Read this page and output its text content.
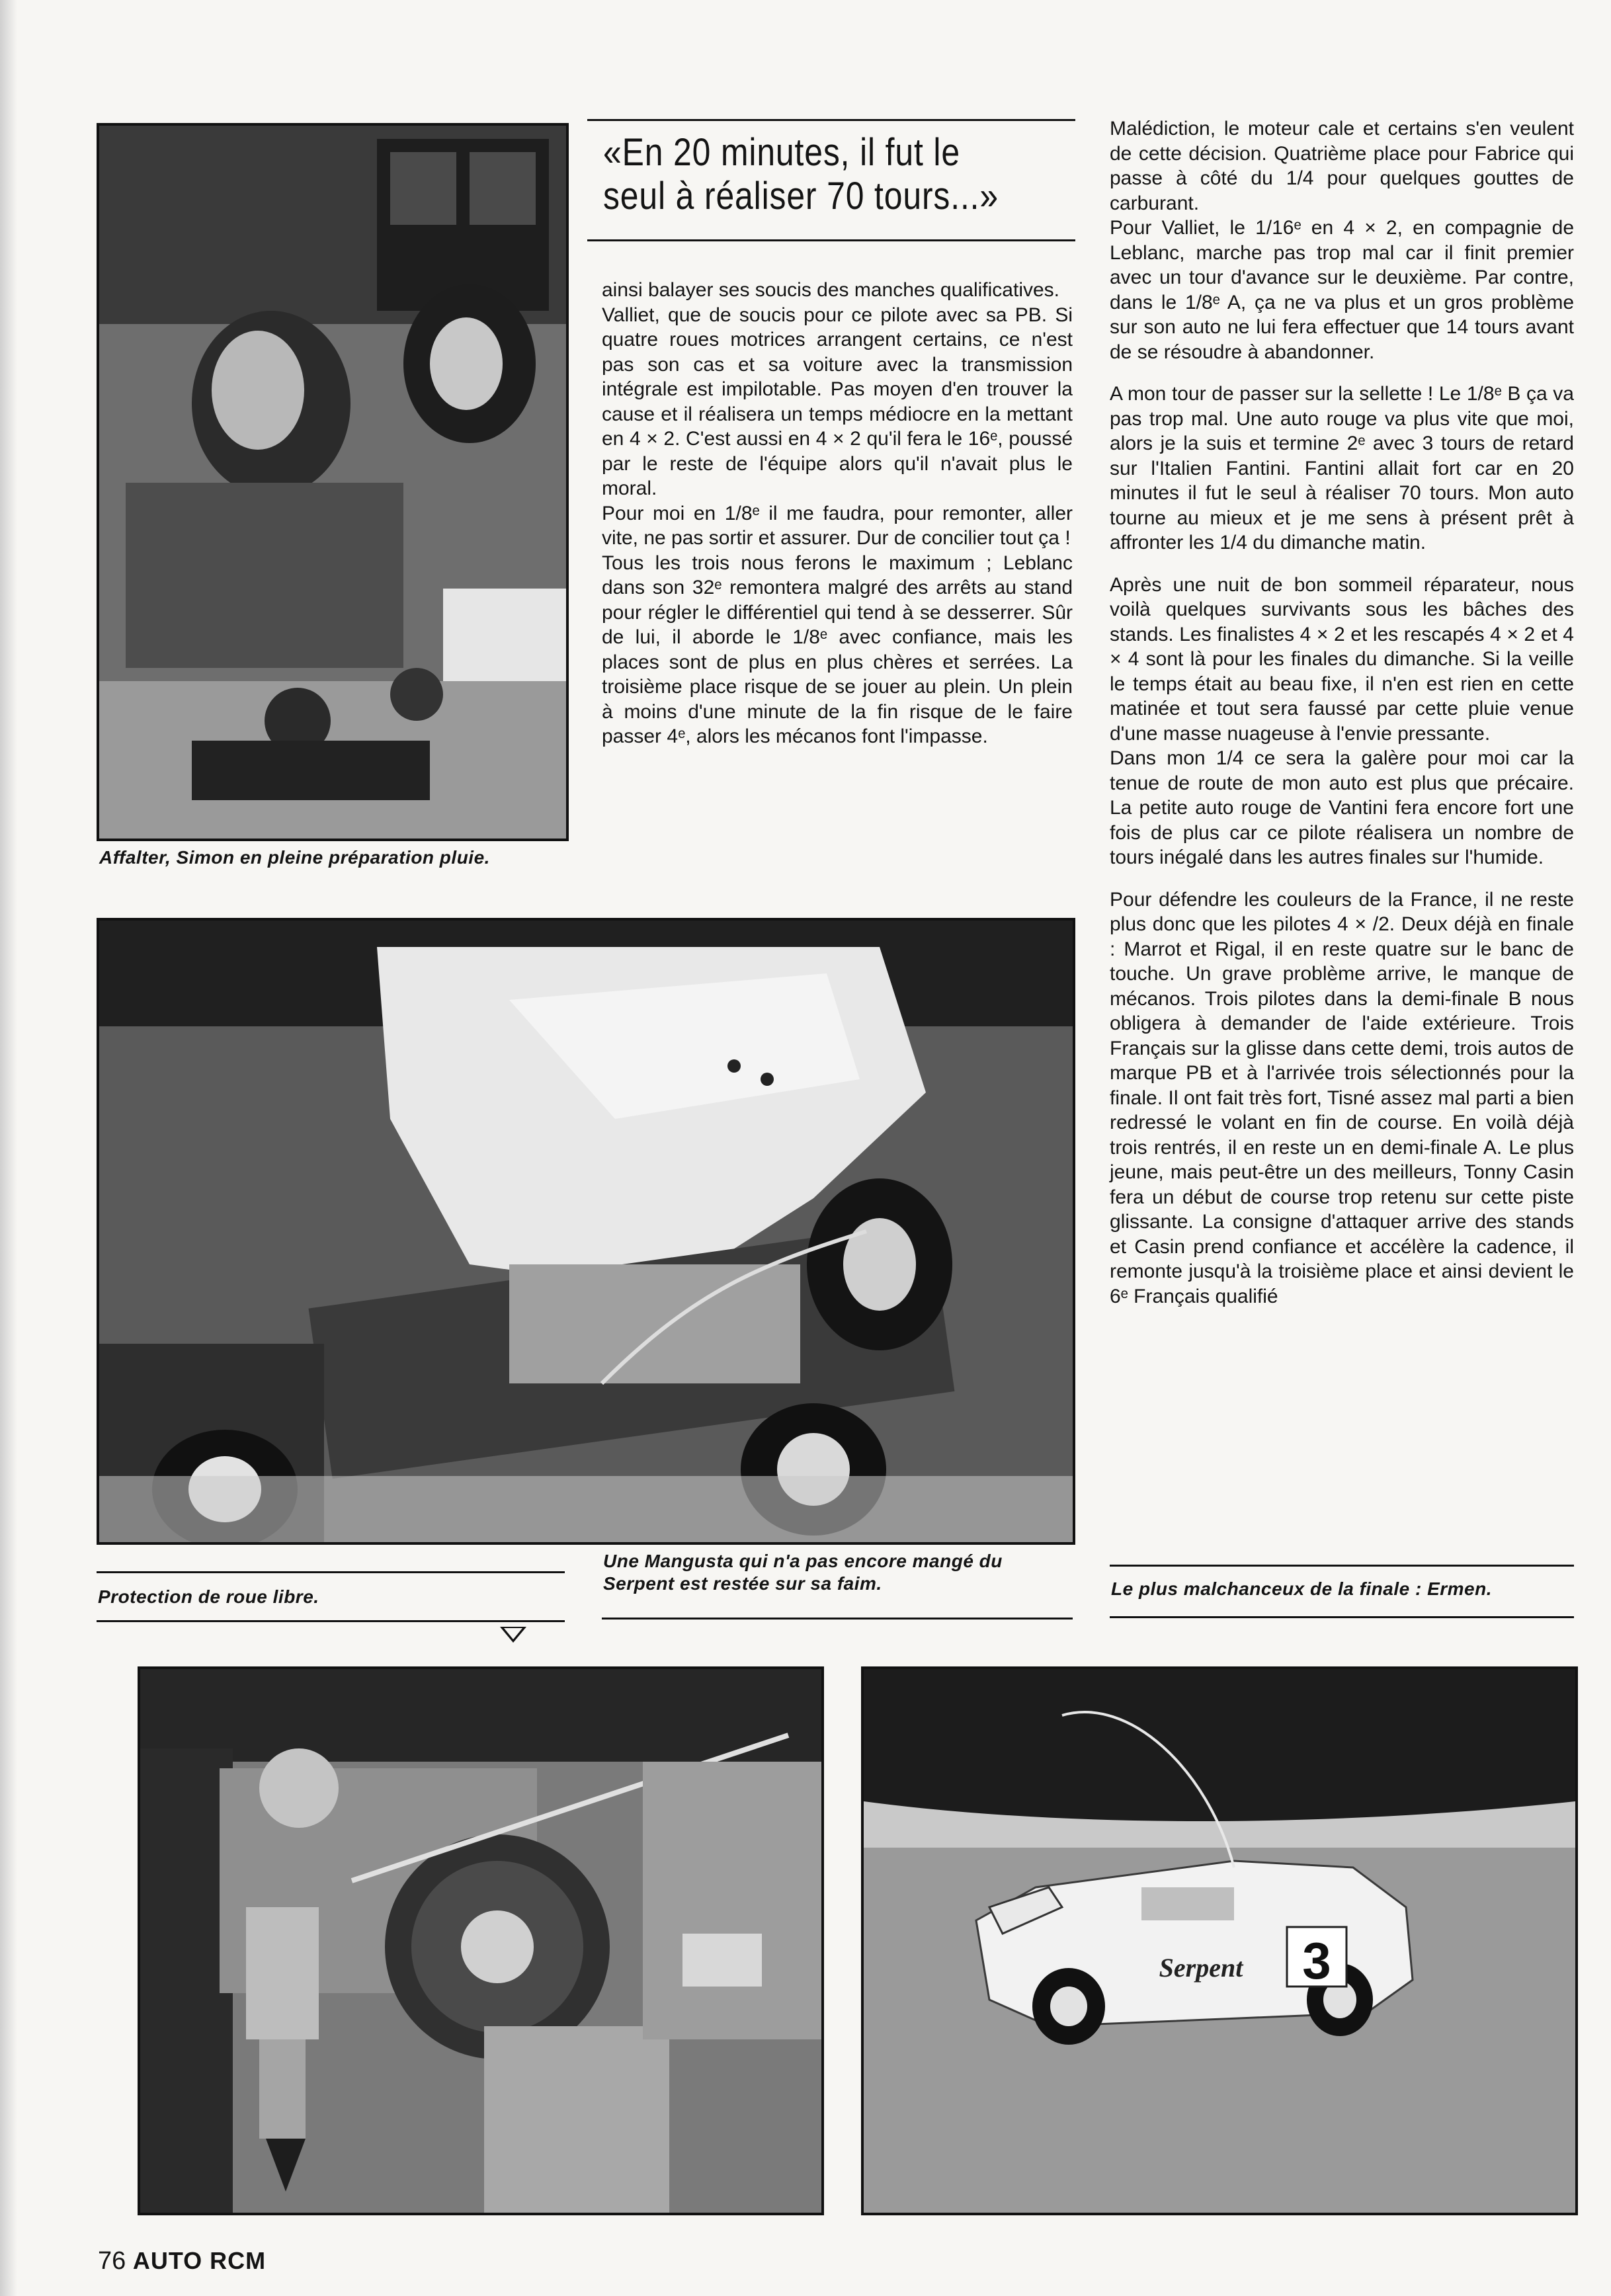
Affalter, Simon en pleine préparation pluie.
«En 20 minutes, il fut le
seul à réaliser 70 tours...»

ainsi balayer ses soucis des manches qualificatives.

Valliet, que de soucis pour ce pilote avec sa PB. Si quatre roues motrices arrangent certains, ce n'est pas son cas et sa voiture avec la transmission intégrale est impilotable. Pas moyen d'en trouver la cause et il réalisera un temps médiocre en la mettant en 4 × 2. C'est aussi en 4 × 2 qu'il fera le 16ᵉ, poussé par le reste de l'équipe alors qu'il n'avait plus le moral.

Pour moi en 1/8ᵉ il me faudra, pour remonter, aller vite, ne pas sortir et assurer. Dur de concilier tout ça !

Tous les trois nous ferons le maximum ; Leblanc dans son 32ᵉ remontera malgré des arrêts au stand pour régler le différentiel qui tend à se desserrer. Sûr de lui, il aborde le 1/8ᵉ avec confiance, mais les places sont de plus en plus chères et serrées. La troisième place risque de se jouer au plein. Un plein à moins d'une minute de la fin risque de le faire passer 4ᵉ, alors les mécanos font l'impasse.

Malédiction, le moteur cale et certains s'en veulent de cette décision. Quatrième place pour Fabrice qui passe à côté du 1/4 pour quelques gouttes de carburant.

Pour Valliet, le 1/16ᵉ en 4 × 2, en compagnie de Leblanc, marche pas trop mal car il finit premier avec un tour d'avance sur le deuxième. Par contre, dans le 1/8ᵉ A, ça ne va plus et un gros problème sur son auto ne lui fera effectuer que 14 tours avant de se résoudre à abandonner.

A mon tour de passer sur la sellette ! Le 1/8ᵉ B ça va pas trop mal. Une auto rouge va plus vite que moi, alors je la suis et termine 2ᵉ avec 3 tours de retard sur l'Italien Fantini. Fantini allait fort car en 20 minutes il fut le seul à réaliser 70 tours. Mon auto tourne au mieux et je me sens à présent prêt à affronter les 1/4 du dimanche matin.

Après une nuit de bon sommeil réparateur, nous voilà quelques survivants sous les bâches des stands. Les finalistes 4 × 2 et les rescapés 4 × 2 et 4 × 4 sont là pour les finales du dimanche. Si la veille le temps était au beau fixe, il n'en est rien en cette matinée et tout sera faussé par cette pluie venue d'une masse nuageuse à l'envie pressante.

Dans mon 1/4 ce sera la galère pour moi car la tenue de route de mon auto est plus que précaire. La petite auto rouge de Vantini fera encore fort une fois de plus car ce pilote réalisera un nombre de tours inégalé dans les autres finales sur l'humide.

Pour défendre les couleurs de la France, il ne reste plus donc que les pilotes 4 × /2. Deux déjà en finale : Marrot et Rigal, il en reste quatre sur le banc de touche. Un grave problème arrive, le manque de mécanos. Trois pilotes dans la demi-finale B nous obligera à demander de l'aide extérieure. Trois Français sur la glisse dans cette demi, trois autos de marque PB et à l'arrivée trois sélectionnés pour la finale. Il ont fait très fort, Tisné assez mal parti a bien redressé le volant en fin de course. En voilà déjà trois rentrés, il en reste un en demi-finale A. Le plus jeune, mais peut-être un des meilleurs, Tonny Casin fera un début de course trop retenu sur cette piste glissante. La consigne d'attaquer arrive des stands et Casin prend confiance et accélère la cadence, il remonte jusqu'à la troisième place et ainsi devient le 6ᵉ Français qualifié

Protection de roue libre.
Une Mangusta qui n'a pas encore mangé du
Serpent est restée sur sa faim.	Le plus malchanceux de la finale : Ermen.
3
Serpent
76 AUTO RCM
